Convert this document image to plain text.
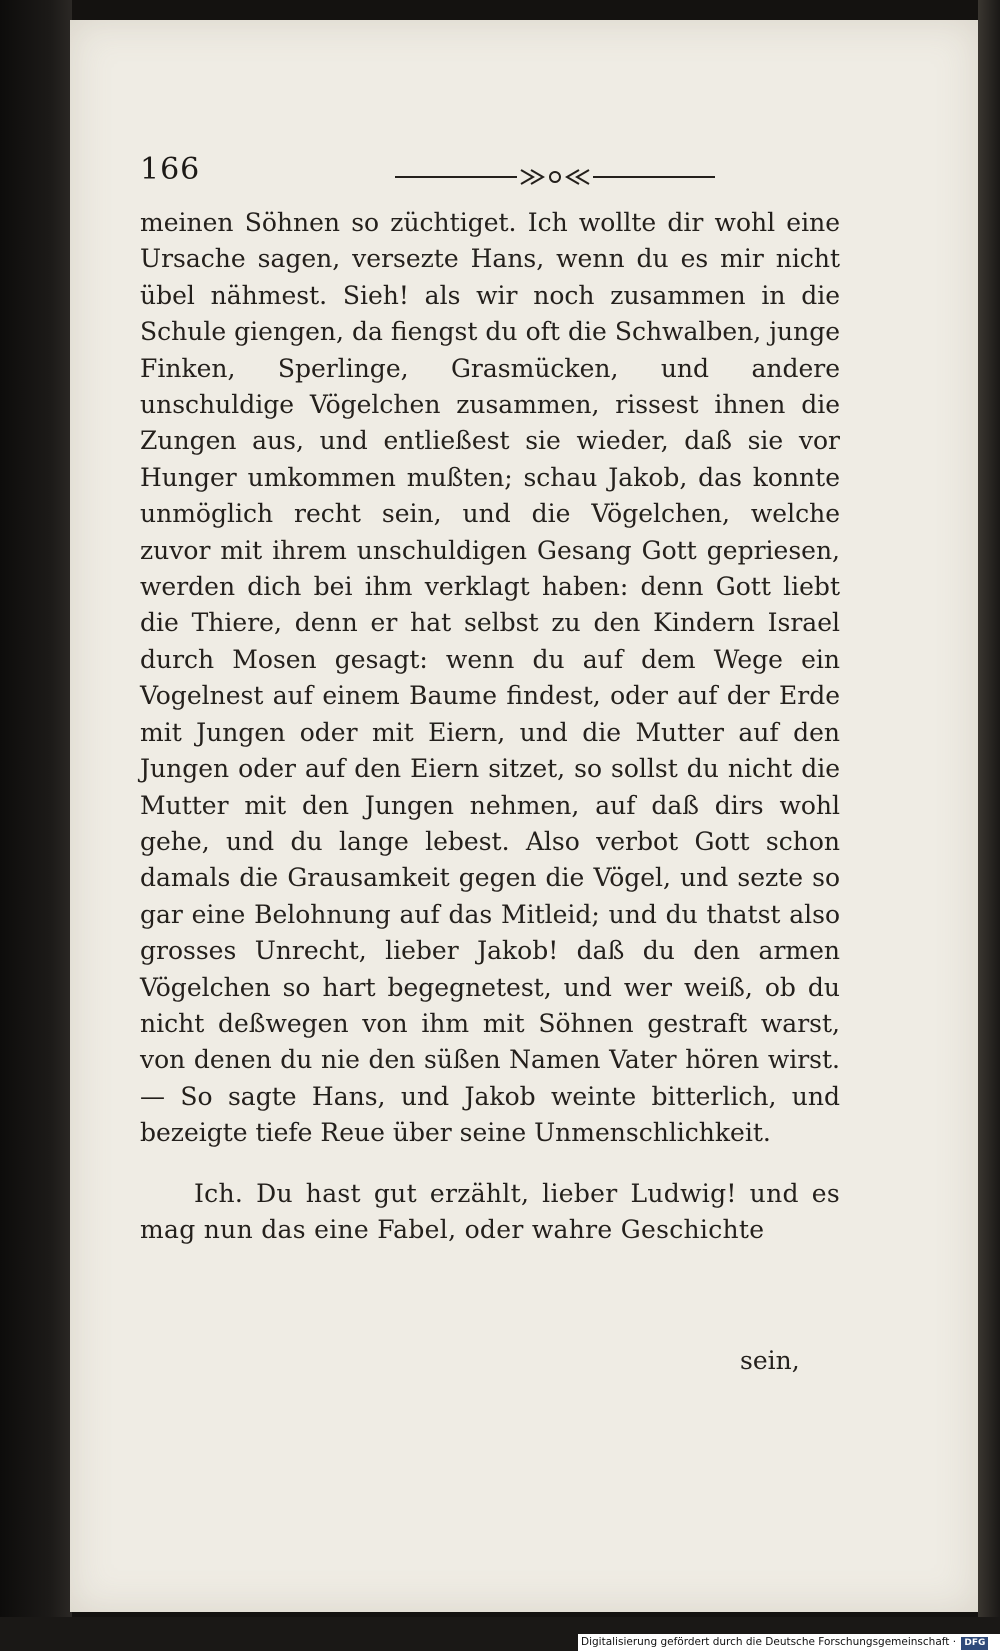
166

meinen Söhnen so züchtiget. Ich wollte dir wohl eine Ursache sagen, versezte Hans, wenn du es mir nicht übel nähmest. Sieh! als wir noch zusammen in die Schule giengen, da fiengst du oft die Schwalben, junge Finken, Sperlinge, Grasmücken, und andere unschuldige Vögelchen zusammen, rissest ihnen die Zungen aus, und entließest sie wieder, daß sie vor Hunger umkommen mußten; schau Jakob, das konnte unmöglich recht sein, und die Vögelchen, welche zuvor mit ihrem unschuldigen Gesang Gott gepriesen, werden dich bei ihm verklagt haben: denn Gott liebt die Thiere, denn er hat selbst zu den Kindern Israel durch Mosen gesagt: wenn du auf dem Wege ein Vogelnest auf einem Baume findest, oder auf der Erde mit Jungen oder mit Eiern, und die Mutter auf den Jungen oder auf den Eiern sitzet, so sollst du nicht die Mutter mit den Jungen nehmen, auf daß dirs wohl gehe, und du lange lebest. Also verbot Gott schon damals die Grausamkeit gegen die Vögel, und sezte so gar eine Belohnung auf das Mitleid; und du thatst also grosses Unrecht, lieber Jakob! daß du den armen Vögelchen so hart begegnetest, und wer weiß, ob du nicht deßwegen von ihm mit Söhnen gestraft warst, von denen du nie den süßen Namen Vater hören wirst. — So sagte Hans, und Jakob weinte bitterlich, und bezeigte tiefe Reue über seine Unmenschlichkeit.

Ich. Du hast gut erzählt, lieber Ludwig! und es mag nun das eine Fabel, oder wahre Geschichte

sein,
Digitalisierung gefördert durch die Deutsche Forschungsgemeinschaft · DFG
